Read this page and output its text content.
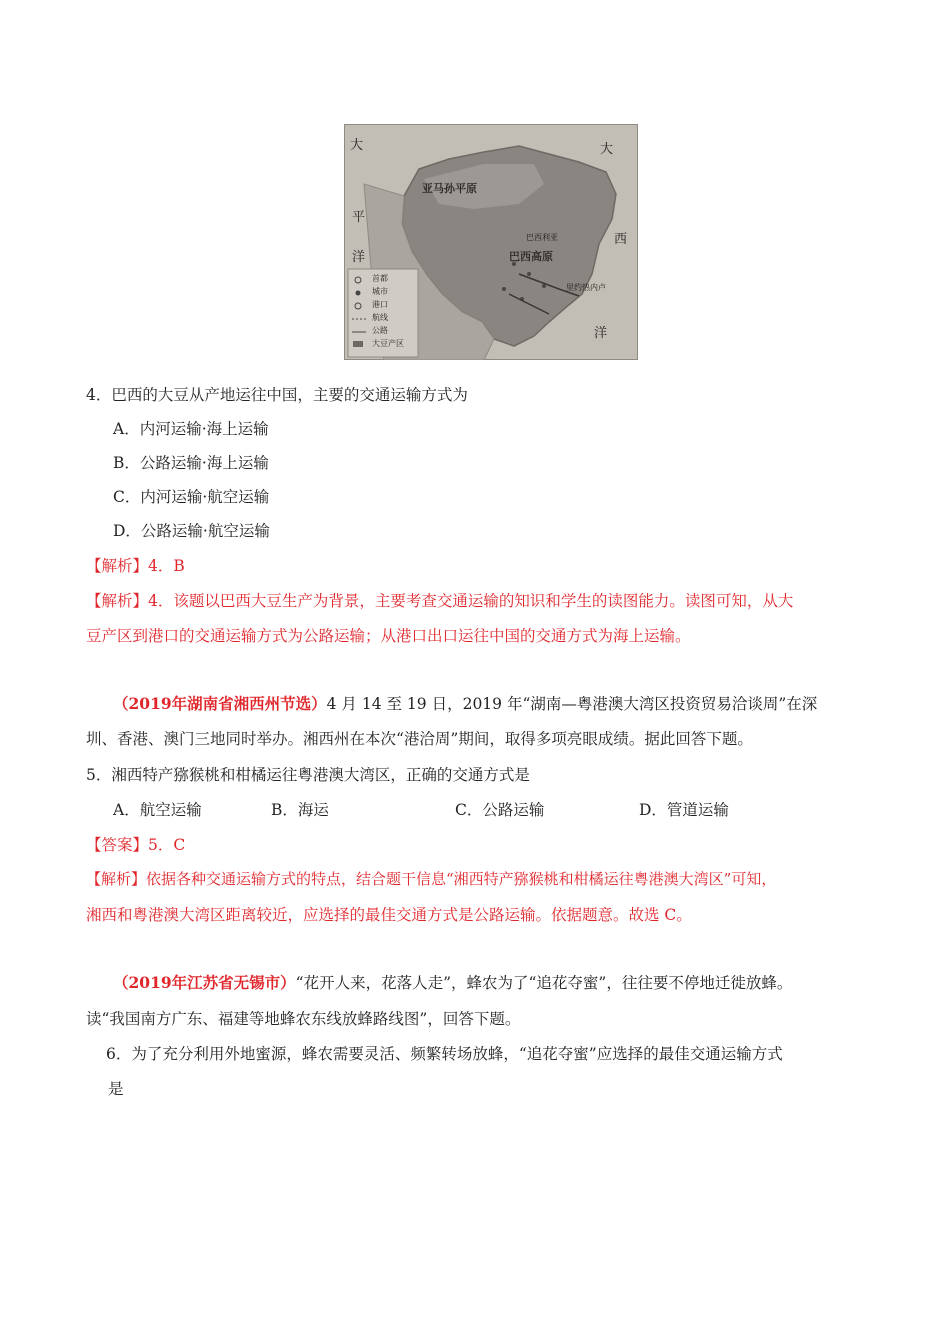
大
平
洋
大
西
洋
亚马孙平原
巴西高原
巴西利亚
里约热内卢
首都
城市
港口
航线
公路
大豆产区
4．巴西的大豆从产地运往中国，主要的交通运输方式为
A．内河运输·海上运输
B．公路运输·海上运输
C．内河运输·航空运输
D．公路运输·航空运输
【解析】4．B
【解析】4．该题以巴西大豆生产为背景，主要考查交通运输的知识和学生的读图能力。读图可知，从大
豆产区到港口的交通运输方式为公路运输；从港口出口运往中国的交通方式为海上运输。
（2019年湖南省湘西州节选）4 月 14 至 19 日，2019 年“湖南—粤港澳大湾区投资贸易洽谈周”在深
圳、香港、澳门三地同时举办。湘西州在本次“港洽周”期间，取得多项亮眼成绩。据此回答下题。
5．湘西特产猕猴桃和柑橘运往粤港澳大湾区，正确的交通方式是
A．航空运输	B．海运	C．公路运输	D．管道运输
【答案】5．C
【解析】依据各种交通运输方式的特点，结合题干信息“湘西特产猕猴桃和柑橘运往粤港澳大湾区”可知，
湘西和粤港澳大湾区距离较近，应选择的最佳交通方式是公路运输。依据题意。故选 C。
（2019年江苏省无锡市）“花开人来，花落人走”，蜂农为了“追花夺蜜”，往往要不停地迁徙放蜂。
读“我国南方广东、福建等地蜂农东线放蜂路线图”，回答下题。
6．为了充分利用外地蜜源，蜂农需要灵活、频繁转场放蜂，“追花夺蜜”应选择的最佳交通运输方式
是
